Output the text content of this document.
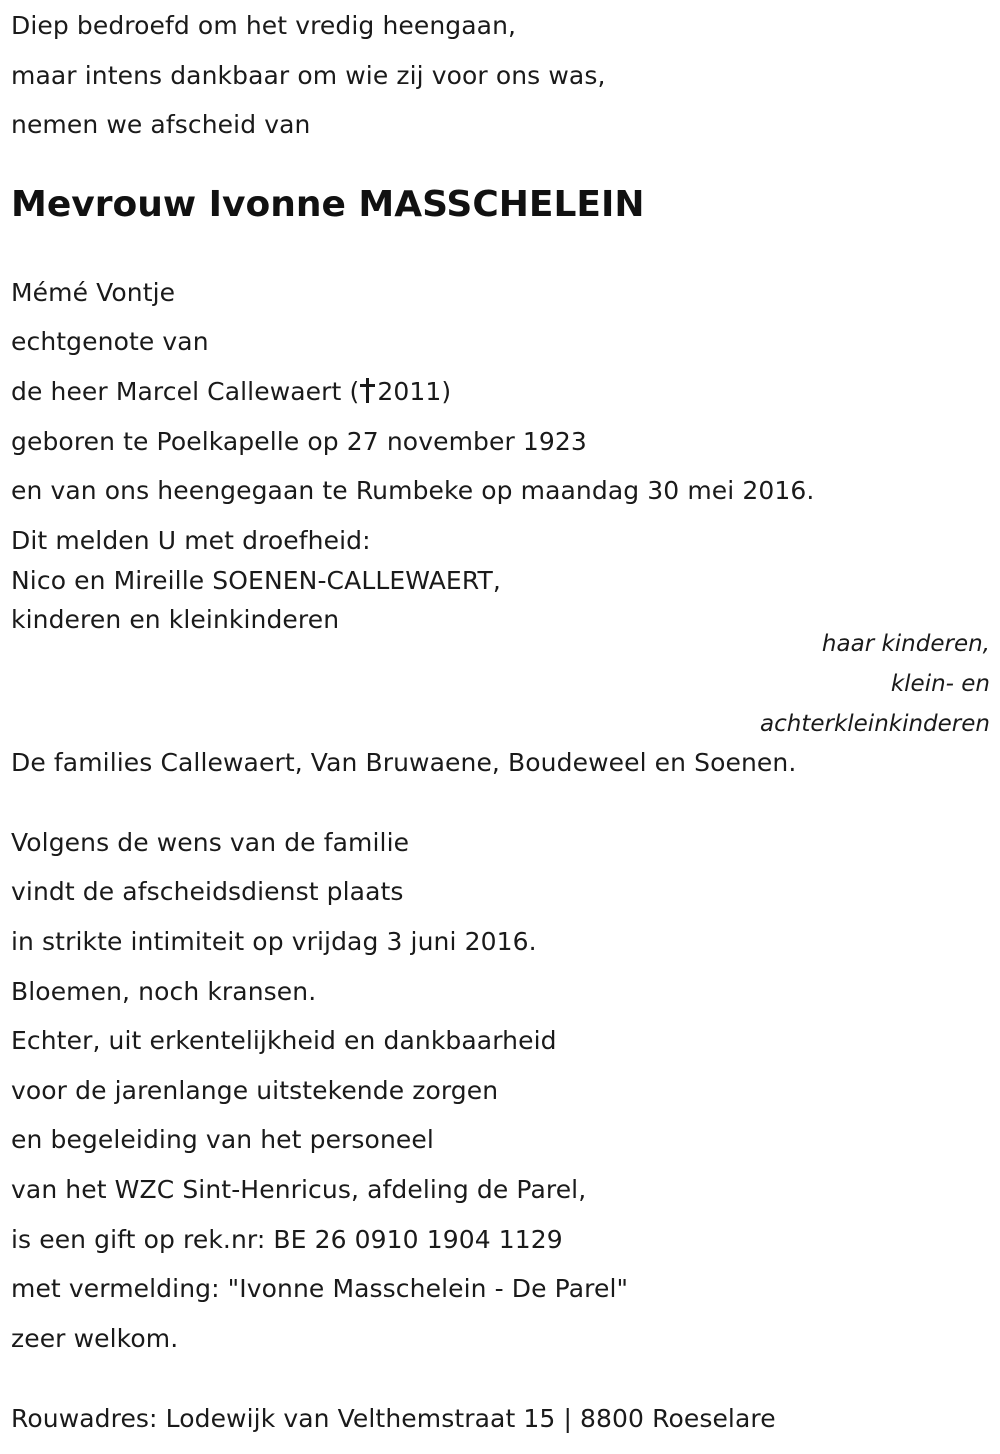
Diep bedroefd om het vredig heengaan,
maar intens dankbaar om wie zij voor ons was,
nemen we afscheid van
Mevrouw Ivonne MASSCHELEIN
Mémé Vontje
echtgenote van
de heer Marcel Callewaert ( 2011)
geboren te Poelkapelle op 27 november 1923
en van ons heengegaan te Rumbeke op maandag 30 mei 2016.
Dit melden U met droefheid:
Nico en Mireille SOENEN-CALLEWAERT,
kinderen en kleinkinderen
haar kinderen,
klein- en
achterkleinkinderen
De families Callewaert, Van Bruwaene, Boudeweel en Soenen.
Volgens de wens van de familie
vindt de afscheidsdienst plaats
in strikte intimiteit op vrijdag 3 juni 2016.
Bloemen, noch kransen.
Echter, uit erkentelijkheid en dankbaarheid
voor de jarenlange uitstekende zorgen
en begeleiding van het personeel
van het WZC Sint-Henricus, afdeling de Parel,
is een gift op rek.nr: BE 26 0910 1904 1129
met vermelding: "Ivonne Masschelein - De Parel"
zeer welkom.
Rouwadres: Lodewijk van Velthemstraat 15 | 8800 Roeselare
